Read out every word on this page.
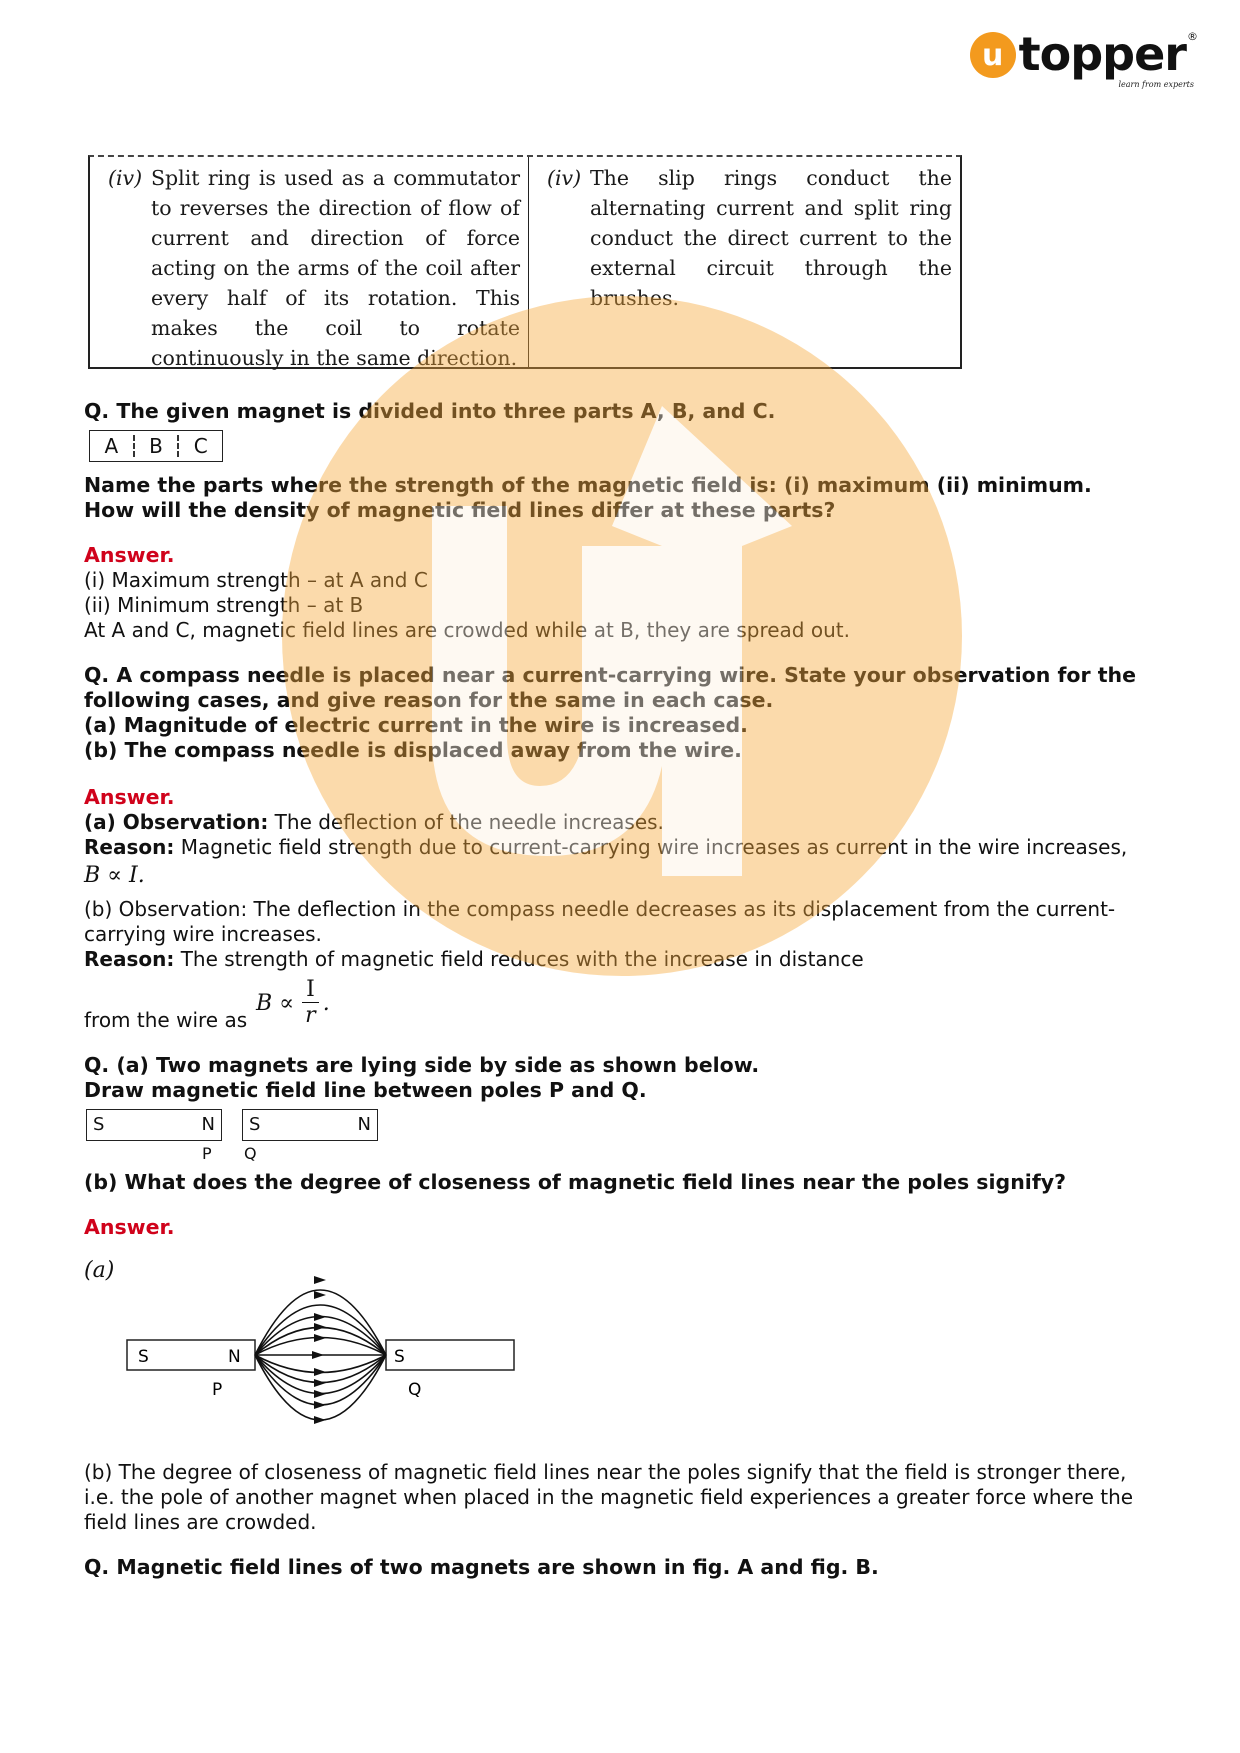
u topper ®
learn from experts
(iv) Split ring is used as a commutator to reverses the direction of flow of current and direction of force acting on the arms of the coil after every half of its rotation. This makes the coil to rotate continuously in the same direction.
(iv) The slip rings conduct the alternating current and split ring conduct the direct current to the external circuit through the brushes.
Q. The given magnet is divided into three parts A, B, and C.
A	B	C
Name the parts where the strength of the magnetic field is: (i) maximum (ii) minimum.
How will the density of magnetic field lines differ at these parts?
Answer.
(i) Maximum strength – at A and C
(ii) Minimum strength – at B
At A and C, magnetic field lines are crowded while at B, they are spread out.
Q. A compass needle is placed near a current-carrying wire. State your observation for the
following cases, and give reason for the same in each case.
(a) Magnitude of electric current in the wire is increased.
(b) The compass needle is displaced away from the wire.
Answer.
(a) Observation: The deflection of the needle increases.
Reason: Magnetic field strength due to current-carrying wire increases as current in the wire increases,
B ∝ I.
(b) Observation: The deflection in the compass needle decreases as its displacement from the current-
carrying wire increases.
Reason: The strength of magnetic field reduces with the increase in distance
from the wire as
$B \propto \frac{I}{r}$ .
Q. (a) Two magnets are lying side by side as shown below.
Draw magnetic field line between poles P and Q.
S	N S	N
P Q
(b) What does the degree of closeness of magnetic field lines near the poles signify?
Answer.
(a)
S	N	S
P	Q
(b) The degree of closeness of magnetic field lines near the poles signify that the field is stronger there,
i.e. the pole of another magnet when placed in the magnetic field experiences a greater force where the
field lines are crowded.
Q. Magnetic field lines of two magnets are shown in fig. A and fig. B.
